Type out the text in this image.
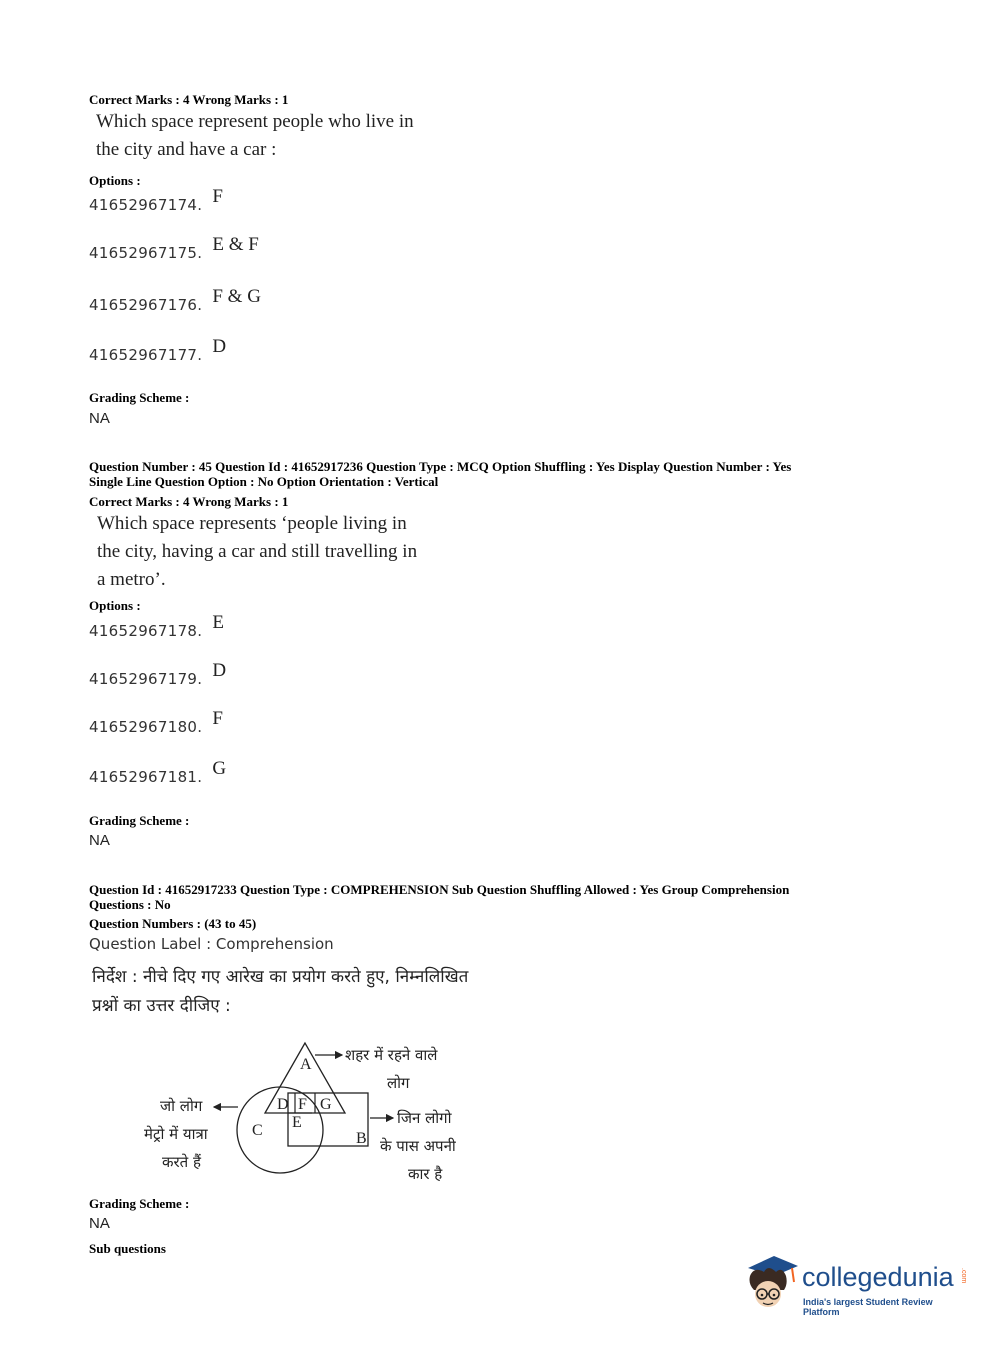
Correct Marks : 4 Wrong Marks : 1
Which space represent people who live in
the city and have a car :
Options :
41652967174. F
41652967175. E & F
41652967176. F & G
41652967177. D
Grading Scheme :
NA
Question Number : 45 Question Id : 41652917236 Question Type : MCQ Option Shuffling : Yes Display Question Number : Yes
Single Line Question Option : No Option Orientation : Vertical
Correct Marks : 4 Wrong Marks : 1
Which space represents ‘people living in
the city, having a car and still travelling in
a metro’.
Options :
41652967178. E
41652967179. D
41652967180. F
41652967181. G
Grading Scheme :
NA
Question Id : 41652917233 Question Type : COMPREHENSION Sub Question Shuffling Allowed : Yes Group Comprehension
Questions : No
Question Numbers : (43 to 45)
Question Label : Comprehension
निर्देश : नीचे दिए गए आरेख का प्रयोग करते हुए, निम्नलिखित
प्रश्नों का उत्तर दीजिए :
A
D F G
E
C	B
शहर में रहने वाले
लोग
जिन लोगो
के पास अपनी
कार है
जो लोग
मेट्रो में यात्रा
करते हैं
Grading Scheme :
NA
Sub questions
collegedunia .com
India's largest Student Review Platform
